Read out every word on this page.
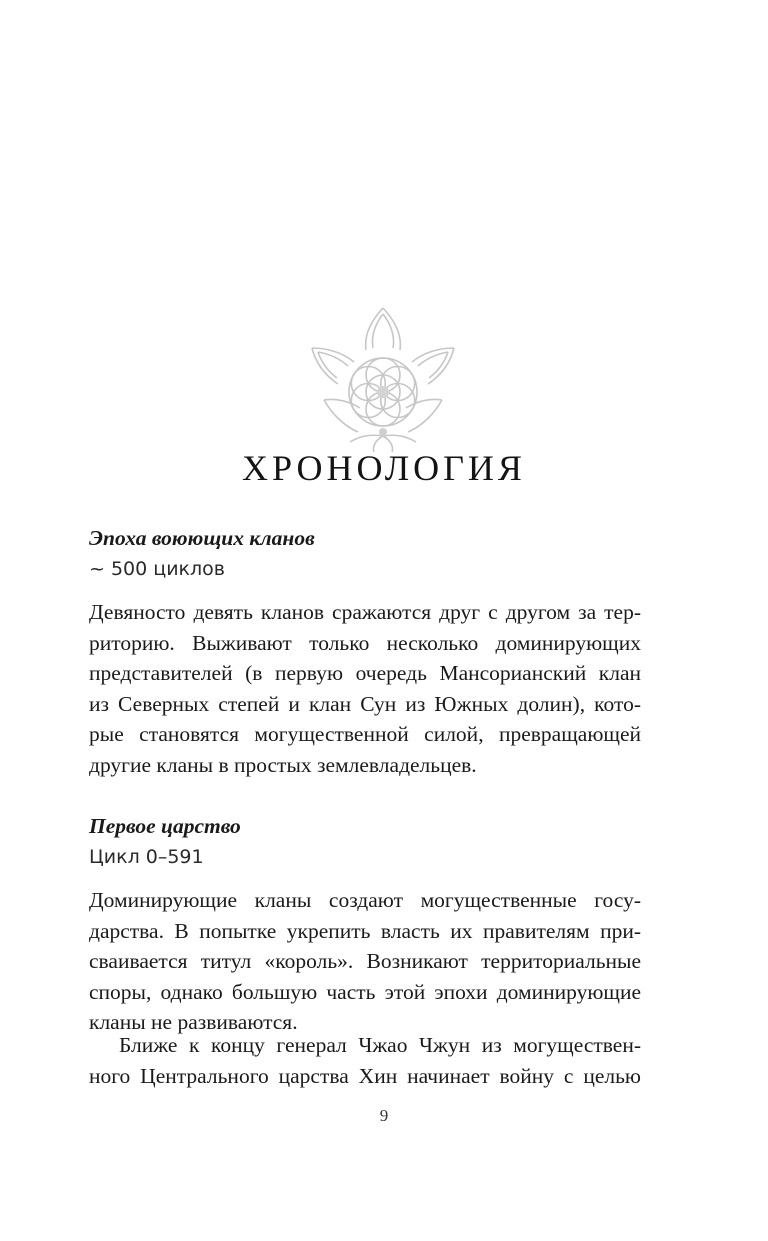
ХРОНОЛОГИЯ
Эпоха воюющих кланов
~ 500 циклов
Девяносто девять кланов сражаются друг с другом за тер-
риторию. Выживают только несколько доминирующих
представителей (в первую очередь Мансорианский клан
из Северных степей и клан Сун из Южных долин), кото-
рые становятся могущественной силой, превращающей
другие кланы в простых землевладельцев.
Первое царство
Цикл 0–591
Доминирующие кланы создают могущественные госу-
дарства. В попытке укрепить власть их правителям при-
сваивается титул «король». Возникают территориальные
споры, однако большую часть этой эпохи доминирующие
кланы не развиваются.
Ближе к концу генерал Чжао Чжун из могуществен-
ного Центрального царства Хин начинает войну с целью
9
